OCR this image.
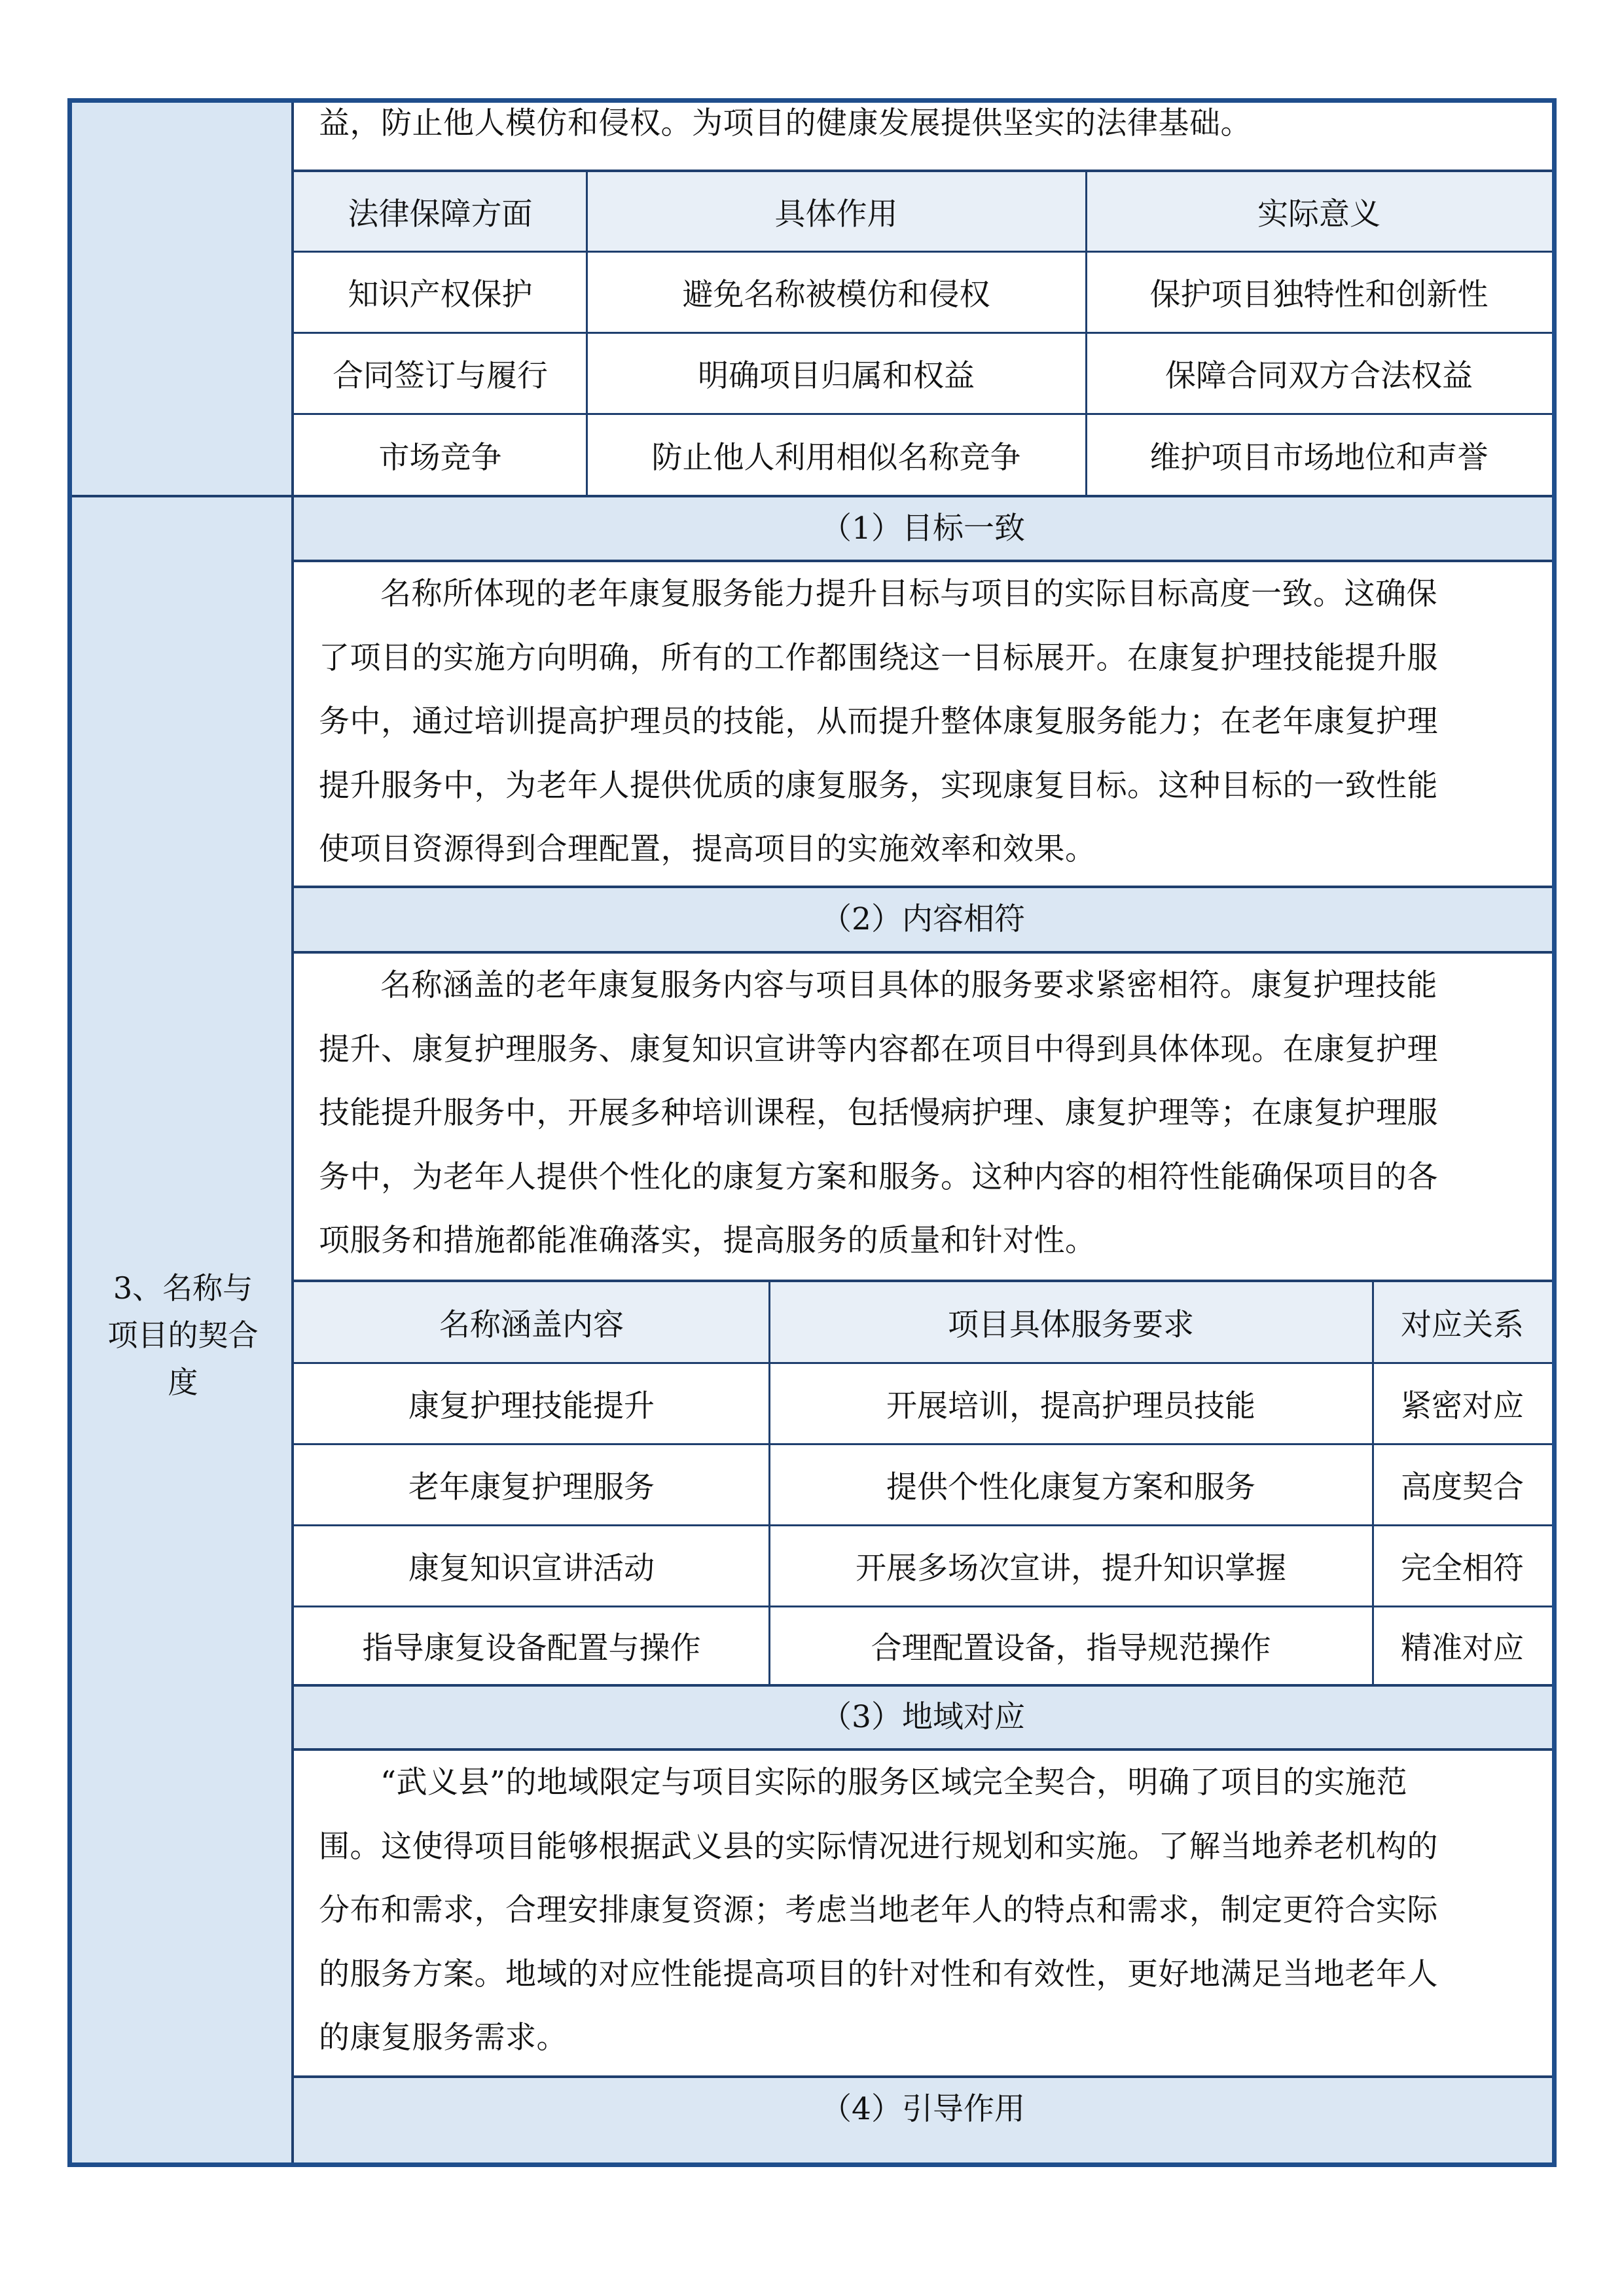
3、名称与
项目的契合
度
益，防止他人模仿和侵权。为项目的健康发展提供坚实的法律基础。
法律保障方面	具体作用	实际意义
知识产权保护	避免名称被模仿和侵权	保护项目独特性和创新性
合同签订与履行	明确项目归属和权益	保障合同双方合法权益
市场竞争	防止他人利用相似名称竞争	维护项目市场地位和声誉
（1）目标一致
名称所体现的老年康复服务能力提升目标与项目的实际目标高度一致。这确保
了项目的实施方向明确，所有的工作都围绕这一目标展开。在康复护理技能提升服
务中，通过培训提高护理员的技能，从而提升整体康复服务能力；在老年康复护理
提升服务中，为老年人提供优质的康复服务，实现康复目标。这种目标的一致性能
使项目资源得到合理配置，提高项目的实施效率和效果。
（2）内容相符
名称涵盖的老年康复服务内容与项目具体的服务要求紧密相符。康复护理技能
提升、康复护理服务、康复知识宣讲等内容都在项目中得到具体体现。在康复护理
技能提升服务中，开展多种培训课程，包括慢病护理、康复护理等；在康复护理服
务中，为老年人提供个性化的康复方案和服务。这种内容的相符性能确保项目的各
项服务和措施都能准确落实，提高服务的质量和针对性。
名称涵盖内容	项目具体服务要求	对应关系
康复护理技能提升	开展培训，提高护理员技能	紧密对应
老年康复护理服务	提供个性化康复方案和服务	高度契合
康复知识宣讲活动	开展多场次宣讲，提升知识掌握	完全相符
指导康复设备配置与操作	合理配置设备，指导规范操作	精准对应
（3）地域对应
“武义县”的地域限定与项目实际的服务区域完全契合，明确了项目的实施范
围。这使得项目能够根据武义县的实际情况进行规划和实施。了解当地养老机构的
分布和需求，合理安排康复资源；考虑当地老年人的特点和需求，制定更符合实际
的服务方案。地域的对应性能提高项目的针对性和有效性，更好地满足当地老年人
的康复服务需求。
（4）引导作用
